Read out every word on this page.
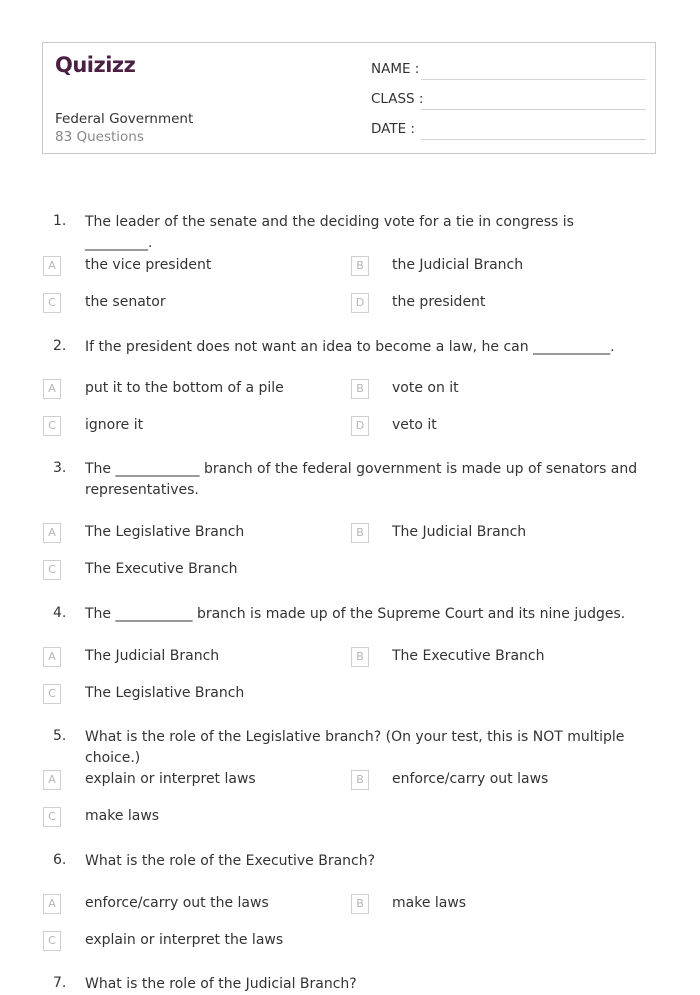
Quizizz
Federal Government
83 Questions
NAME :
CLASS :
DATE :
1. The leader of the senate and the deciding vote for a tie in congress is _________.
A	the vice president	B	the Judicial Branch
C	the senator	D	the president
2. If the president does not want an idea to become a law, he can ___________.
A	put it to the bottom of a pile	B	vote on it
C	ignore it	D	veto it
3. The ____________ branch of the federal government is made up of senators and representatives.
A	The Legislative Branch	B	The Judicial Branch
C	The Executive Branch
4. The ___________ branch is made up of the Supreme Court and its nine judges.
A	The Judicial Branch	B	The Executive Branch
C	The Legislative Branch
5. What is the role of the Legislative branch? (On your test, this is NOT multiple choice.)
A	explain or interpret laws	B	enforce/carry out laws
C	make laws
6. What is the role of the Executive Branch?
A	enforce/carry out the laws	B	make laws
C	explain or interpret the laws
7. What is the role of the Judicial Branch?
